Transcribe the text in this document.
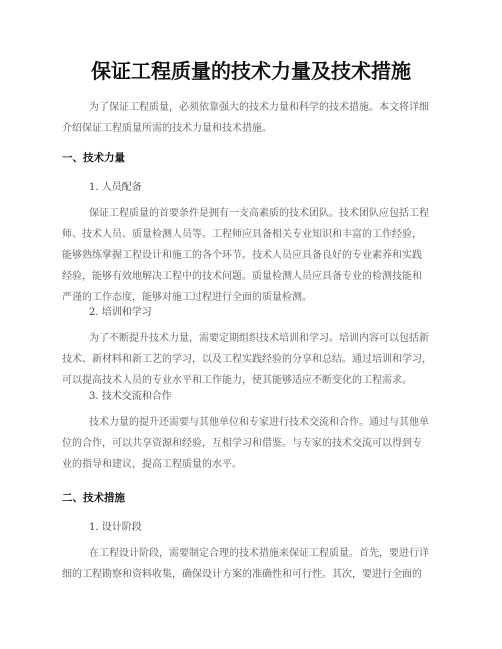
保证工程质量的技术力量及技术措施

为了保证工程质量，必须依靠强大的技术力量和科学的技术措施。本文将详细
介绍保证工程质量所需的技术力量和技术措施。

一、技术力量
1. 人员配备

保证工程质量的首要条件是拥有一支高素质的技术团队。技术团队应包括工程
师、技术人员、质量检测人员等。工程师应具备相关专业知识和丰富的工作经验，
能够熟练掌握工程设计和施工的各个环节。技术人员应具备良好的专业素养和实践
经验，能够有效地解决工程中的技术问题。质量检测人员应具备专业的检测技能和
严谨的工作态度，能够对施工过程进行全面的质量检测。

2. 培训和学习

为了不断提升技术力量，需要定期组织技术培训和学习。培训内容可以包括新
技术、新材料和新工艺的学习，以及工程实践经验的分享和总结。通过培训和学习，
可以提高技术人员的专业水平和工作能力，使其能够适应不断变化的工程需求。

3. 技术交流和合作

技术力量的提升还需要与其他单位和专家进行技术交流和合作。通过与其他单
位的合作，可以共享资源和经验，互相学习和借鉴。与专家的技术交流可以得到专
业的指导和建议，提高工程质量的水平。

二、技术措施
1. 设计阶段

在工程设计阶段，需要制定合理的技术措施来保证工程质量。首先，要进行详
细的工程勘察和资料收集，确保设计方案的准确性和可行性。其次，要进行全面的
